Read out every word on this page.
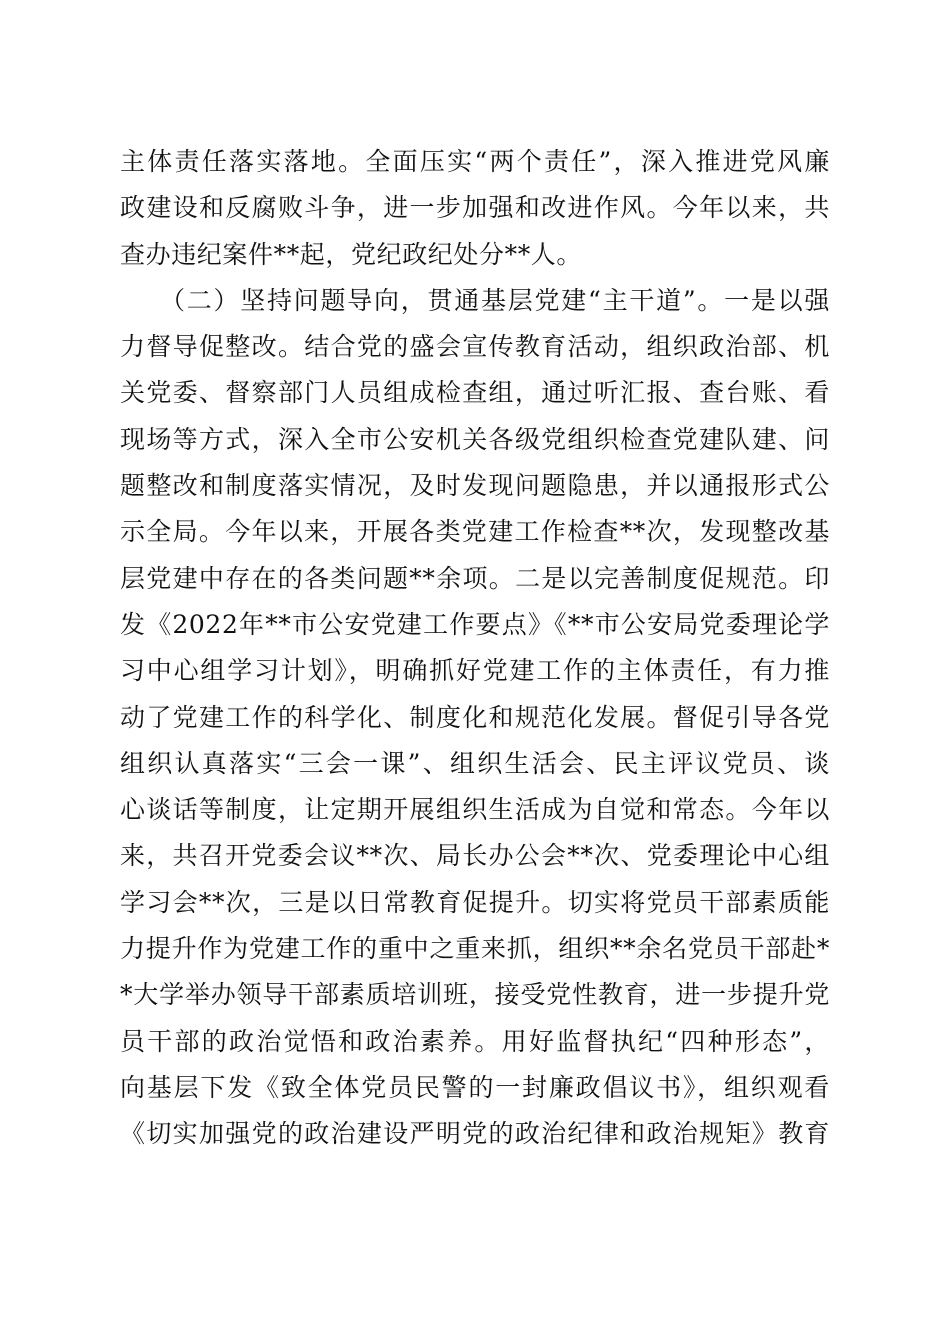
主体责任落实落地。全面压实“两个责任”，深入推进党风廉
政建设和反腐败斗争，进一步加强和改进作风。今年以来，共
查办违纪案件**起，党纪政纪处分**人。
（二）坚持问题导向，贯通基层党建“主干道”。一是以强
力督导促整改。结合党的盛会宣传教育活动，组织政治部、机
关党委、督察部门人员组成检查组，通过听汇报、查台账、看
现场等方式，深入全市公安机关各级党组织检查党建队建、问
题整改和制度落实情况，及时发现问题隐患，并以通报形式公
示全局。今年以来，开展各类党建工作检查**次，发现整改基
层党建中存在的各类问题**余项。二是以完善制度促规范。印
发《2022年**市公安党建工作要点》《**市公安局党委理论学
习中心组学习计划》，明确抓好党建工作的主体责任，有力推
动了党建工作的科学化、制度化和规范化发展。督促引导各党
组织认真落实“三会一课”、组织生活会、民主评议党员、谈
心谈话等制度，让定期开展组织生活成为自觉和常态。今年以
来，共召开党委会议**次、局长办公会**次、党委理论中心组
学习会**次，三是以日常教育促提升。切实将党员干部素质能
力提升作为党建工作的重中之重来抓，组织**余名党员干部赴*
*大学举办领导干部素质培训班，接受党性教育，进一步提升党
员干部的政治觉悟和政治素养。用好监督执纪“四种形态”，
向基层下发《致全体党员民警的一封廉政倡议书》，组织观看
《切实加强党的政治建设严明党的政治纪律和政治规矩》教育
